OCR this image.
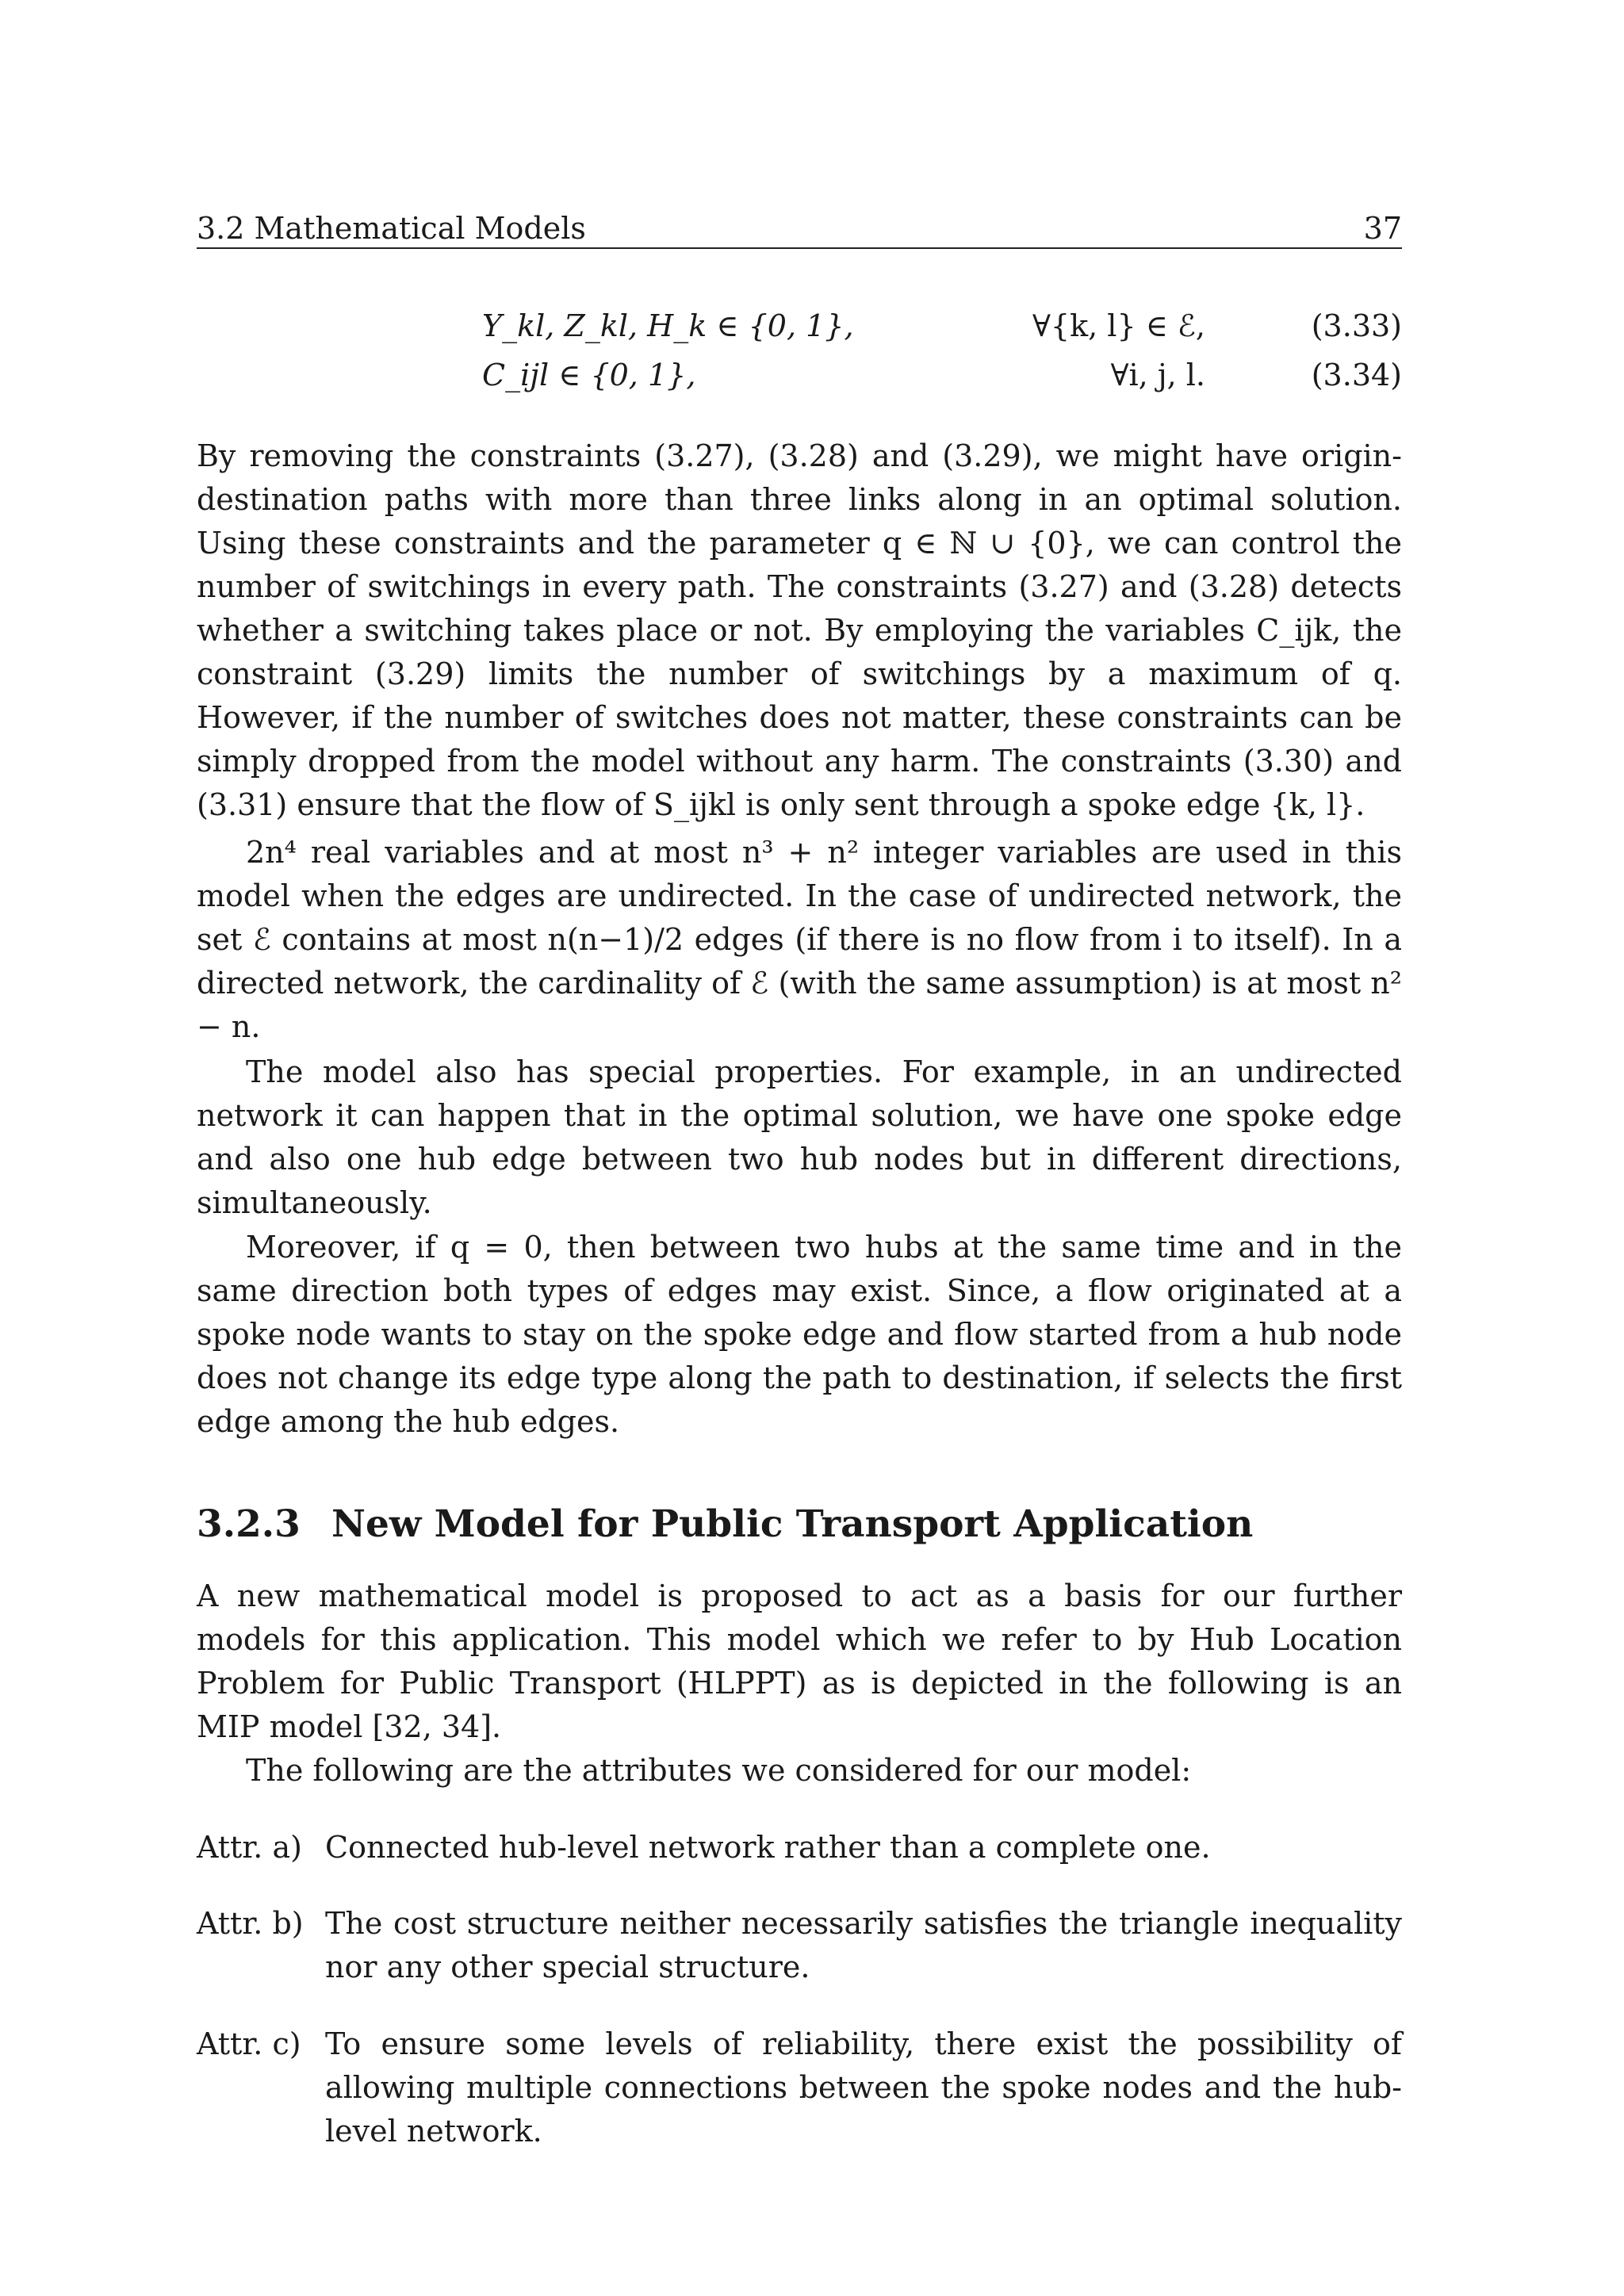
3.2 Mathematical Models	37
Y_kl, Z_kl, H_k ∈ {0, 1},	∀{k, l} ∈ ℰ,	(3.33)
C_ijl ∈ {0, 1},	∀i, j, l.	(3.34)

By removing the constraints (3.27), (3.28) and (3.29), we might have origin-destination paths with more than three links along in an optimal solution. Using these constraints and the parameter q ∈ ℕ ∪ {0}, we can control the number of switchings in every path. The constraints (3.27) and (3.28) detects whether a switching takes place or not. By employing the variables C_ijk, the constraint (3.29) limits the number of switchings by a maximum of q. However, if the number of switches does not matter, these constraints can be simply dropped from the model without any harm. The constraints (3.30) and (3.31) ensure that the flow of S_ijkl is only sent through a spoke edge {k, l}.

2n⁴ real variables and at most n³ + n² integer variables are used in this model when the edges are undirected. In the case of undirected network, the set ℰ contains at most n(n−1)/2 edges (if there is no flow from i to itself). In a directed network, the cardinality of ℰ (with the same assumption) is at most n² − n.

The model also has special properties. For example, in an undirected network it can happen that in the optimal solution, we have one spoke edge and also one hub edge between two hub nodes but in different directions, simultaneously.

Moreover, if q = 0, then between two hubs at the same time and in the same direction both types of edges may exist. Since, a flow originated at a spoke node wants to stay on the spoke edge and flow started from a hub node does not change its edge type along the path to destination, if selects the first edge among the hub edges.

3.2.3 New Model for Public Transport Application

A new mathematical model is proposed to act as a basis for our further models for this application. This model which we refer to by Hub Location Problem for Public Transport (HLPPT) as is depicted in the following is an MIP model [32, 34].

The following are the attributes we considered for our model:

Attr. a) Connected hub-level network rather than a complete one.
Attr. b) The cost structure neither necessarily satisfies the triangle inequality nor any other special structure.
Attr. c) To ensure some levels of reliability, there exist the possibility of allowing multiple connections between the spoke nodes and the hub-level network.
